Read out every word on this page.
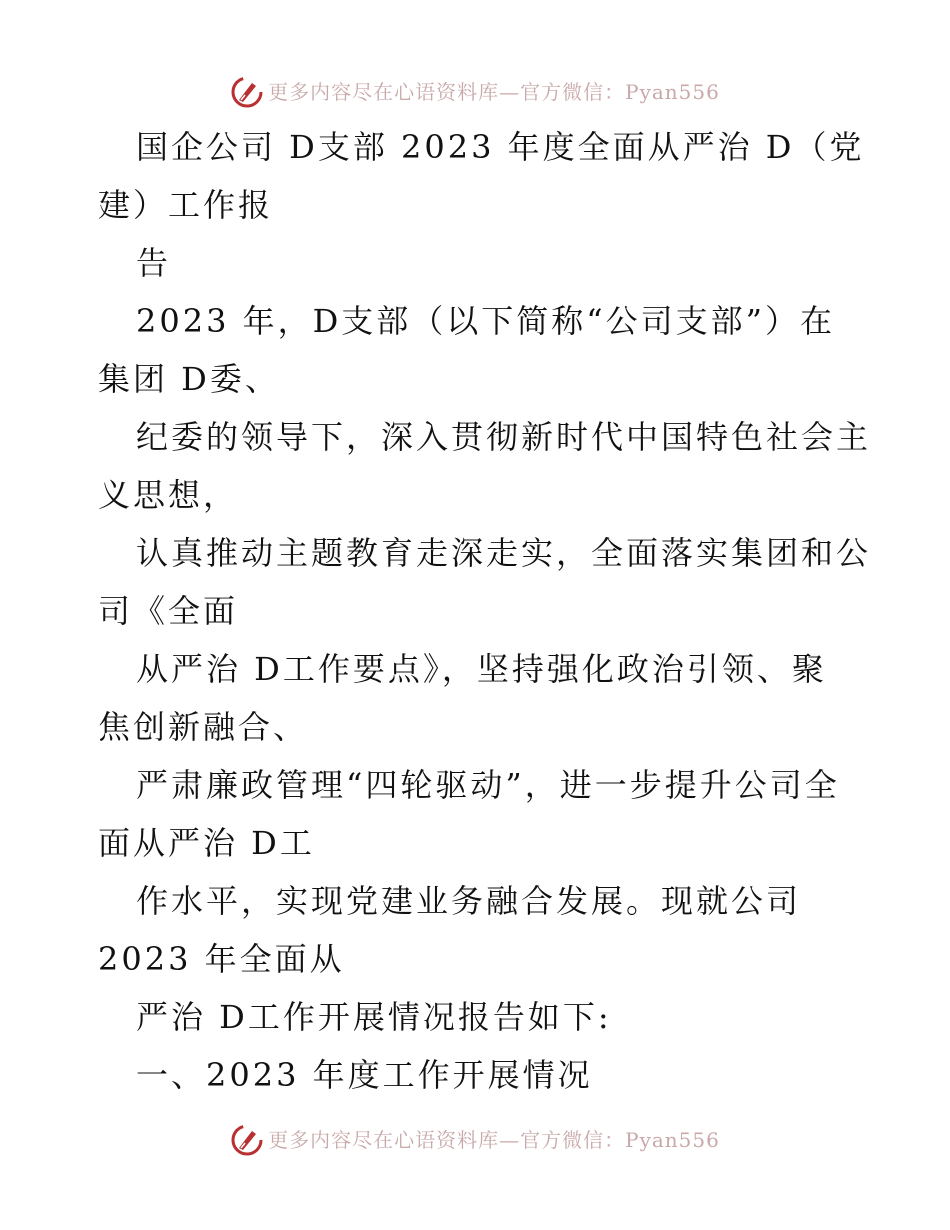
更多内容尽在心语资料库—官方微信：Pyan556
国企公司 D支部 2023 年度全面从严治 D（党
建）工作报
告
2023 年，D支部（以下简称“公司支部”）在
集团 D委、
纪委的领导下，深入贯彻新时代中国特色社会主
义思想，
认真推动主题教育走深走实，全面落实集团和公
司《全面
从严治 D工作要点》，坚持强化政治引领、聚
焦创新融合、
严肃廉政管理“四轮驱动”，进一步提升公司全
面从严治 D工
作水平，实现党建业务融合发展。现就公司
2023 年全面从
严治 D工作开展情况报告如下:
一、2023 年度工作开展情况
更多内容尽在心语资料库—官方微信：Pyan556
